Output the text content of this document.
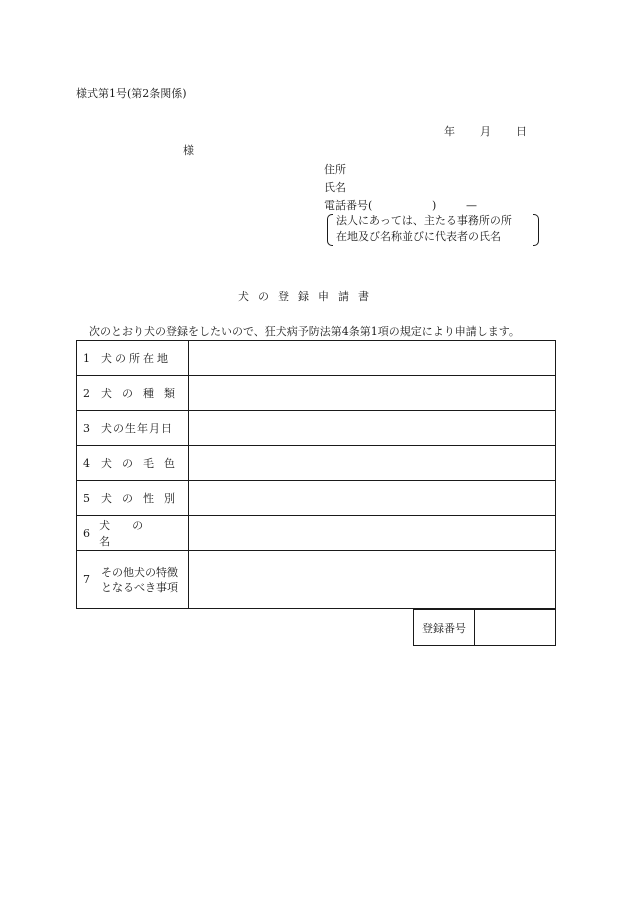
様式第1号(第2条関係)
年 月 日
様
住所
氏名
電話番号(	)	—
法人にあっては、主たる事務所の所
在地及び名称並びに代表者の氏名
犬の登録申請書
次のとおり犬の登録をしたいので、狂犬病予防法第4条第1項の規定により申請します。
1 犬の所在地	

2 犬の種類	

3 犬の生年月日	

4 犬の毛色	

5 犬の性別	

6
犬の名	

7
その他犬の特徴
となるべき事項	

登録番号	
